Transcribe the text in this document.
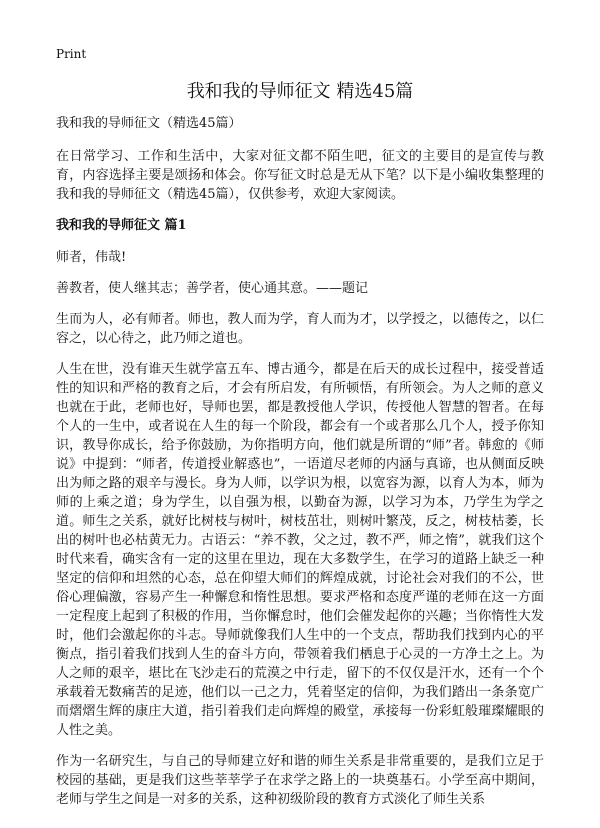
Print
我和我的导师征文 精选45篇

我和我的导师征文（精选45篇）

在日常学习、工作和生活中，大家对征文都不陌生吧，征文的主要目的是宣传与教育，内容选择主要是颂扬和体会。你写征文时总是无从下笔？以下是小编收集整理的我和我的导师征文（精选45篇），仅供参考，欢迎大家阅读。

我和我的导师征文 篇1

师者，伟哉!

善教者，使人继其志；善学者，使心通其意。——题记

生而为人，必有师者。师也，教人而为学，育人而为才，以学授之，以德传之，以仁容之，以心待之，此乃师之道也。

人生在世，没有谁天生就学富五车、博古通今，都是在后天的成长过程中，接受普适性的知识和严格的教育之后，才会有所启发，有所顿悟，有所领会。为人之师的意义也就在于此，老师也好，导师也罢，都是教授他人学识，传授他人智慧的智者。在每个人的一生中，或者说在人生的每一个阶段，都会有一个或者那么几个人，授予你知识，教导你成长，给予你鼓励，为你指明方向，他们就是所谓的“师”者。韩愈的《师说》中提到：“师者，传道授业解惑也”，一语道尽老师的内涵与真谛，也从侧面反映出为师之路的艰辛与漫长。身为人师，以学识为根，以宽容为源，以育人为本，师为师的上乘之道；身为学生，以自强为根，以勤奋为源，以学习为本，乃学生为学之道。师生之关系，就好比树枝与树叶，树枝茁壮，则树叶繁茂，反之，树枝枯萎，长出的树叶也必枯黄无力。古语云：“养不教，父之过，教不严，师之惰”，就我们这个时代来看，确实含有一定的这里在里边，现在大多数学生，在学习的道路上缺乏一种坚定的信仰和坦然的心态，总在仰望大师们的辉煌成就，讨论社会对我们的不公，世俗心理偏激，容易产生一种懈怠和惰性思想。要求严格和态度严谨的老师在这一方面一定程度上起到了积极的作用，当你懈怠时，他们会催发起你的兴趣；当你惰性大发时，他们会激起你的斗志。导师就像我们人生中的一个支点，帮助我们找到内心的平衡点，指引着我们找到人生的奋斗方向，带领着我们栖息于心灵的一方净土之上。为人之师的艰辛，堪比在飞沙走石的荒漠之中行走，留下的不仅仅是汗水，还有一个个承载着无数痛苦的足迹，他们以一己之力，凭着坚定的信仰，为我们踏出一条条宽广而熠熠生辉的康庄大道，指引着我们走向辉煌的殿堂，承接每一份彩虹般璀璨耀眼的人性之美。

作为一名研究生，与自己的导师建立好和谐的师生关系是非常重要的，是我们立足于校园的基础，更是我们这些莘莘学子在求学之路上的一块奠基石。小学至高中期间，老师与学生之间是一对多的关系，这种初级阶段的教育方式淡化了师生关系
